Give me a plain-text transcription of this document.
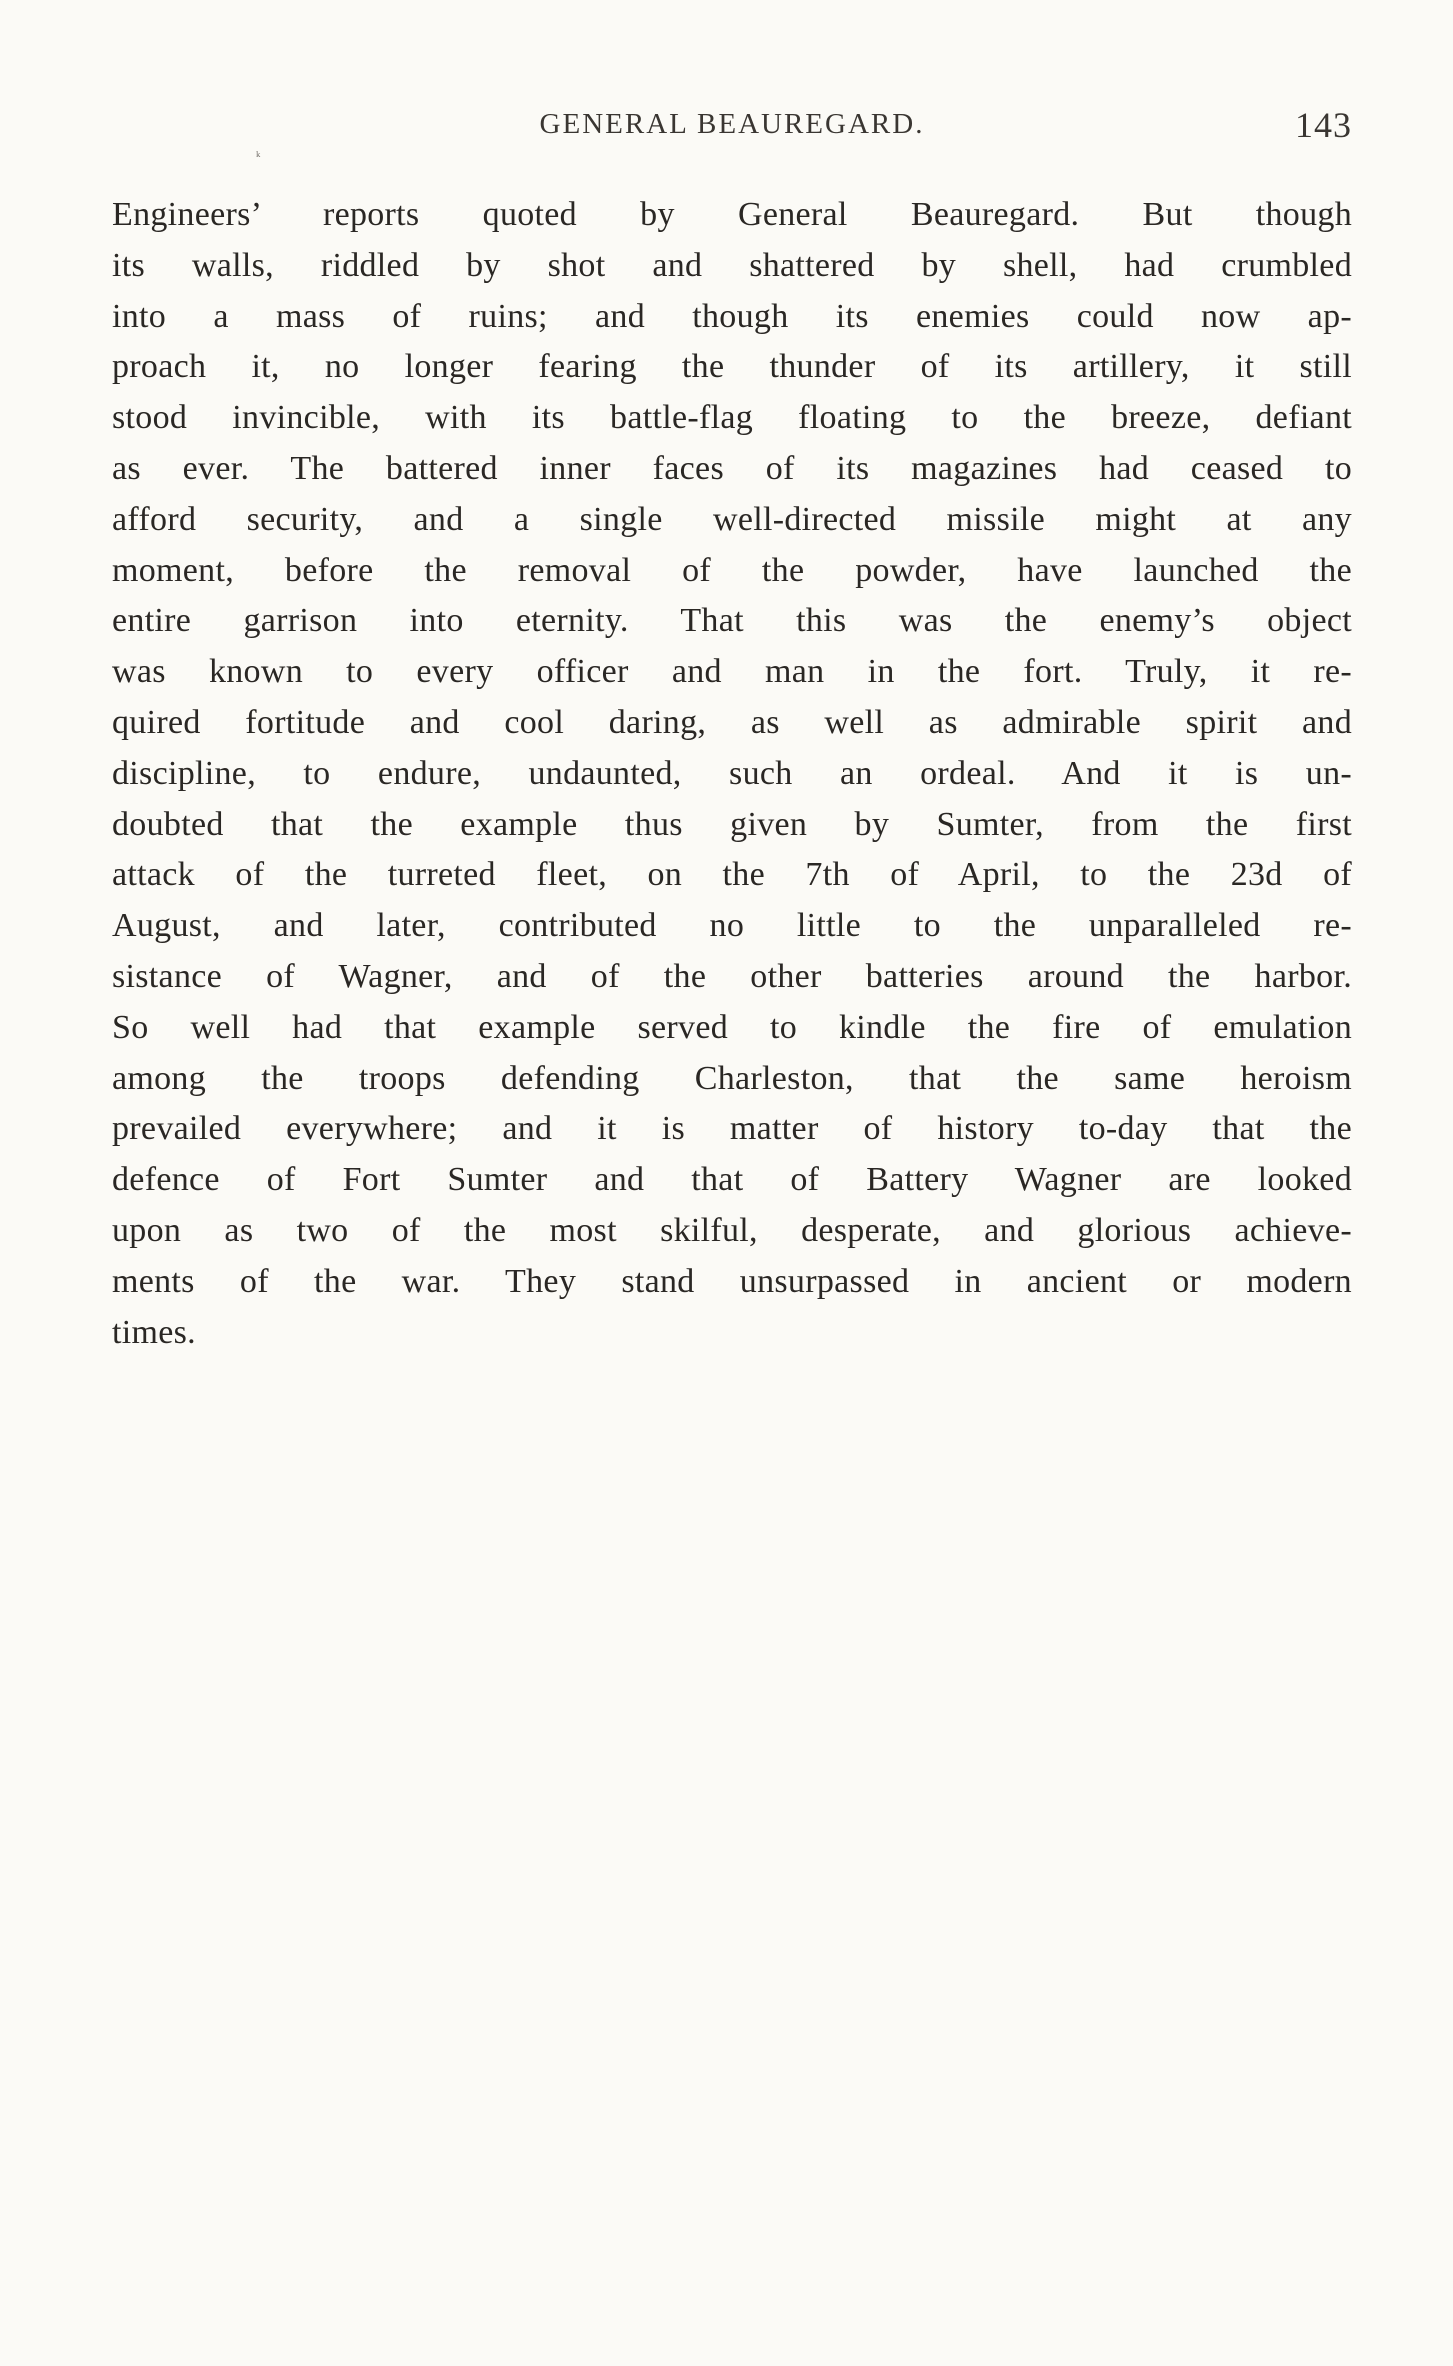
GENERAL BEAUREGARD.	143
ᵏ
Engineers’ reports quoted by General Beauregard. But though
its walls, riddled by shot and shattered by shell, had crumbled
into a mass of ruins; and though its enemies could now ap-
proach it, no longer fearing the thunder of its artillery, it still
stood invincible, with its battle-flag floating to the breeze, defiant
as ever. The battered inner faces of its magazines had ceased to
afford security, and a single well-directed missile might at any
moment, before the removal of the powder, have launched the
entire garrison into eternity. That this was the enemy’s object
was known to every officer and man in the fort. Truly, it re-
quired fortitude and cool daring, as well as admirable spirit and
discipline, to endure, undaunted, such an ordeal. And it is un-
doubted that the example thus given by Sumter, from the first
attack of the turreted fleet, on the 7th of April, to the 23d of
August, and later, contributed no little to the unparalleled re-
sistance of Wagner, and of the other batteries around the harbor.
So well had that example served to kindle the fire of emulation
among the troops defending Charleston, that the same heroism
prevailed everywhere; and it is matter of history to-day that the
defence of Fort Sumter and that of Battery Wagner are looked
upon as two of the most skilful, desperate, and glorious achieve-
ments of the war. They stand unsurpassed in ancient or modern
times.
